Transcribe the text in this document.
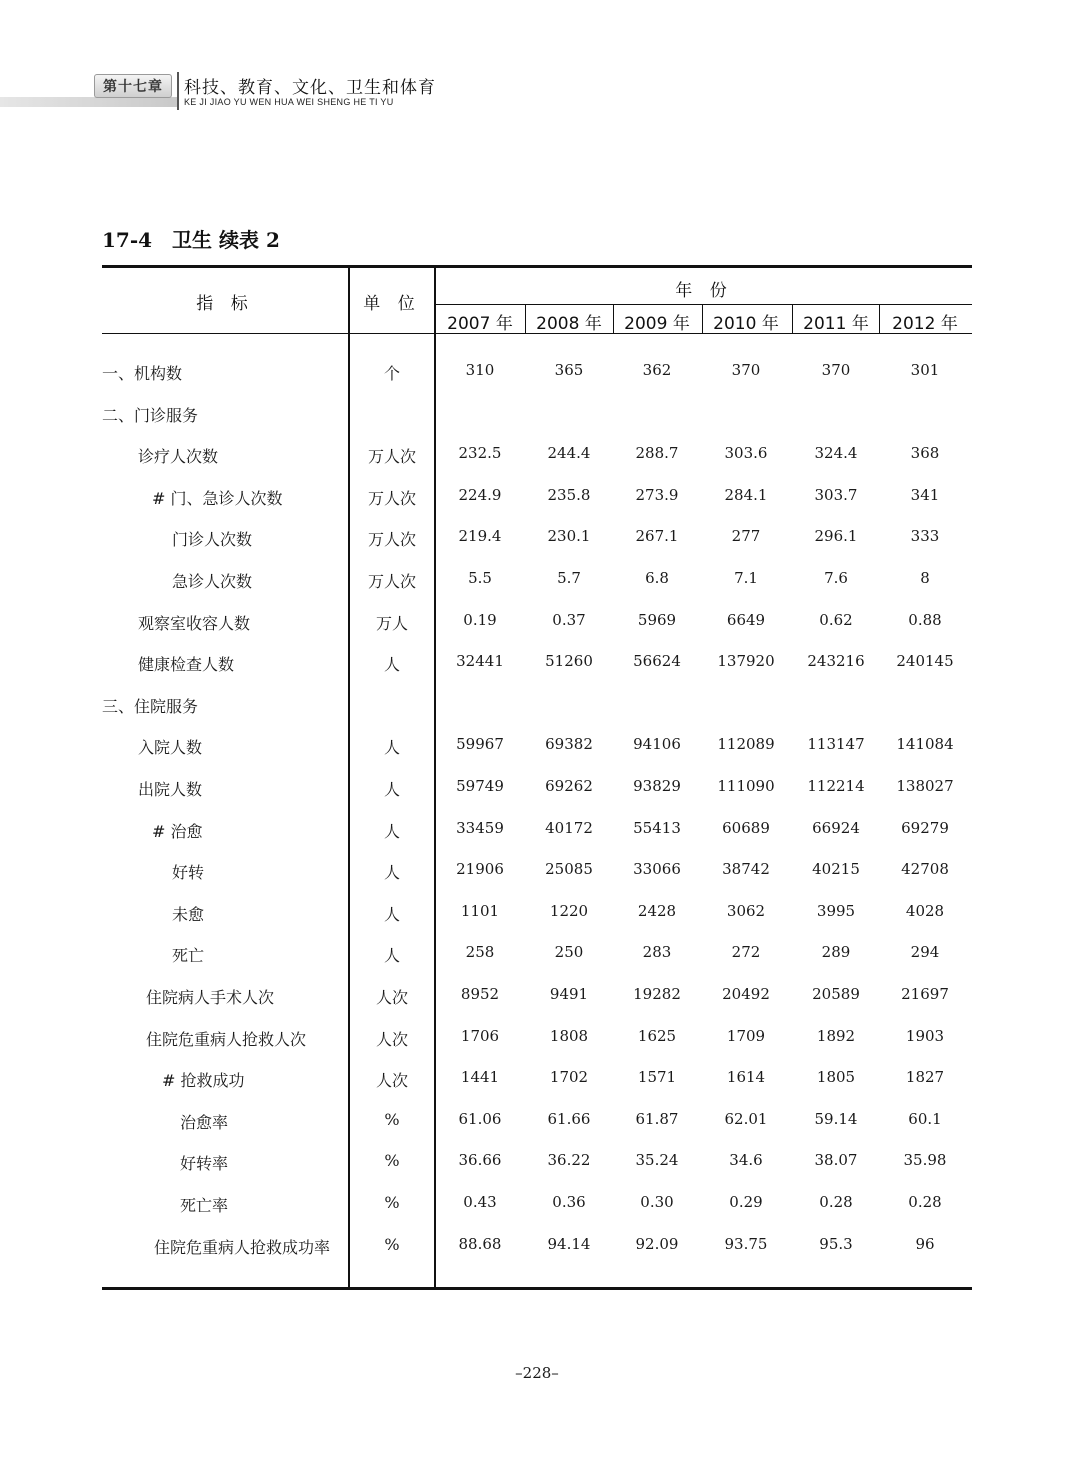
第十七章	科技、教育、文化、卫生和体育
KE JI JIAO YU WEN HUA WEI SHENG HE TI YU
17-4　卫生 续表 2
指 标	单 位
年 份
2007 年	2008 年	2009 年	2010 年	2011 年	2012 年
一、机构数	个	310	365	362	370	370	301
二、门诊服务
诊疗人次数	万人次	232.5	244.4	288.7	303.6	324.4	368
# 门、急诊人次数	万人次	224.9	235.8	273.9	284.1	303.7	341
门诊人次数	万人次	219.4	230.1	267.1	277	296.1	333
急诊人次数	万人次	5.5	5.7	6.8	7.1	7.6	8
观察室收容人数	万人	0.19	0.37	5969	6649	0.62	0.88
健康检查人数	人	32441	51260	56624	137920	243216	240145
三、住院服务
入院人数	人	59967	69382	94106	112089	113147	141084
出院人数	人	59749	69262	93829	111090	112214	138027
# 治愈	人	33459	40172	55413	60689	66924	69279
好转	人	21906	25085	33066	38742	40215	42708
未愈	人	1101	1220	2428	3062	3995	4028
死亡	人	258	250	283	272	289	294
住院病人手术人次	人次	8952	9491	19282	20492	20589	21697
住院危重病人抢救人次	人次	1706	1808	1625	1709	1892	1903
# 抢救成功	人次	1441	1702	1571	1614	1805	1827
治愈率	%	61.06	61.66	61.87	62.01	59.14	60.1
好转率	%	36.66	36.22	35.24	34.6	38.07	35.98
死亡率	%	0.43	0.36	0.30	0.29	0.28	0.28
住院危重病人抢救成功率	%	88.68	94.14	92.09	93.75	95.3	96
–228–
